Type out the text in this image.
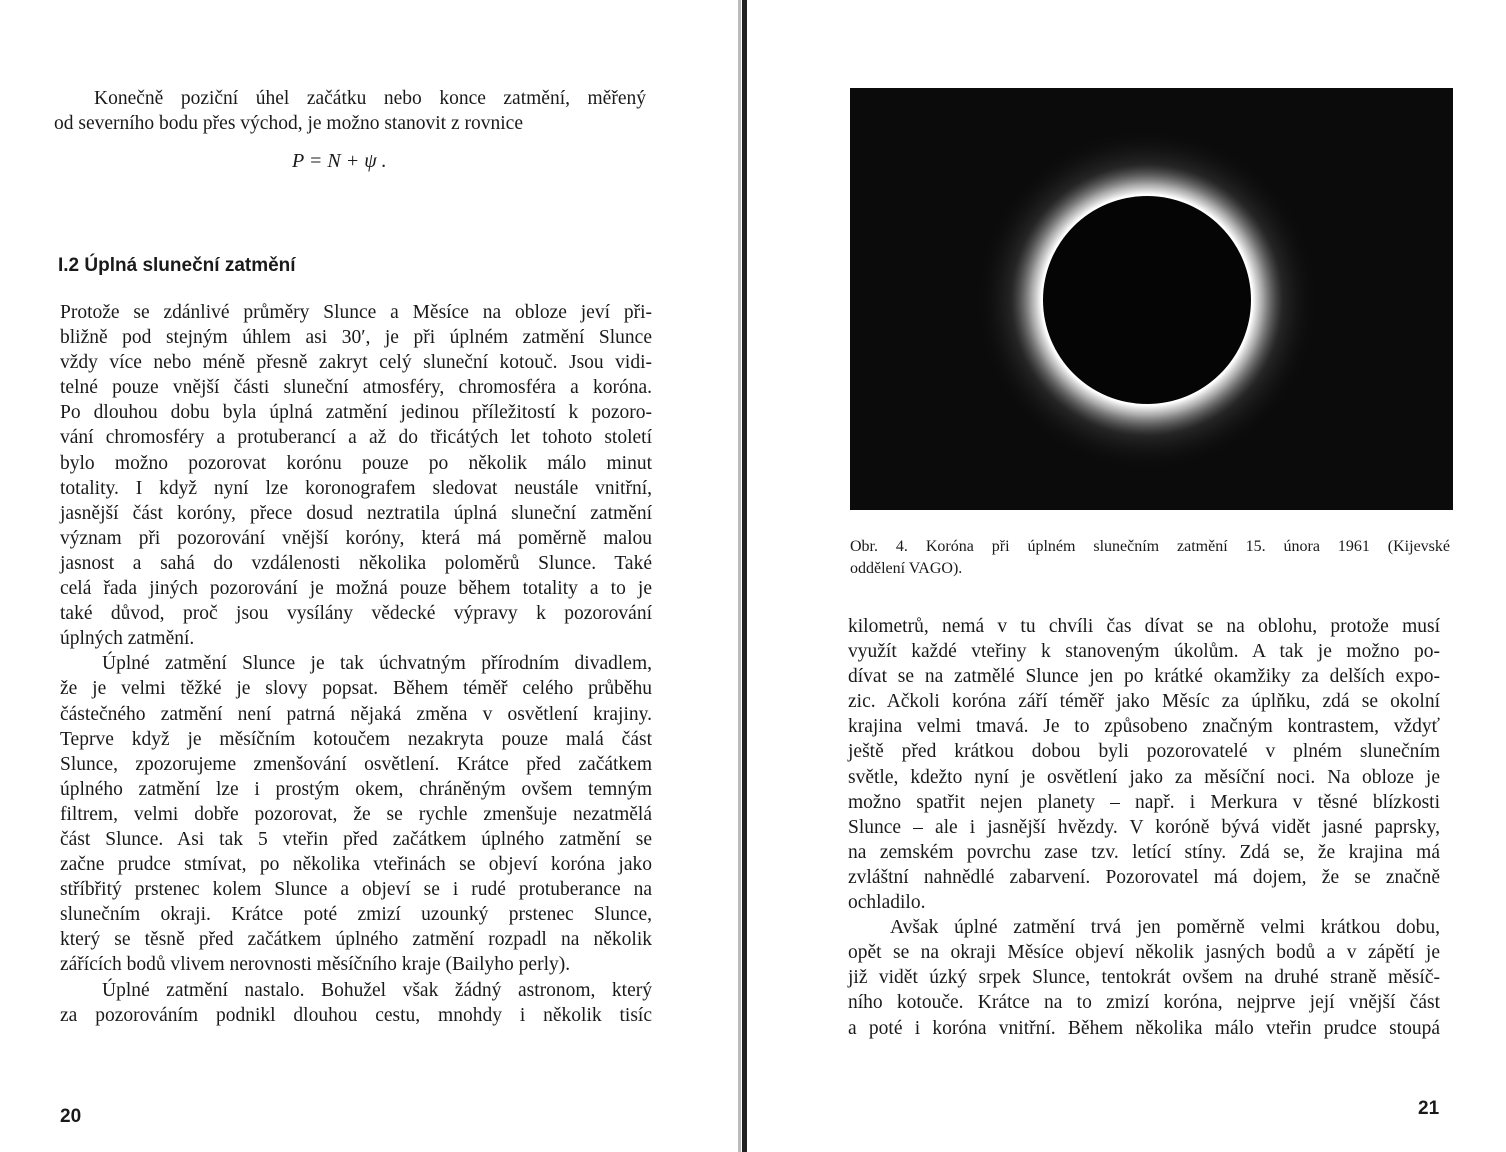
Konečně poziční úhel začátku nebo konce zatmění, měřený
od severního bodu přes východ, je možno stanovit z rovnice
P = N + ψ .
I.2 Úplná sluneční zatmění
Protože se zdánlivé průměry Slunce a Měsíce na obloze jeví při-
bližně pod stejným úhlem asi 30′, je při úplném zatmění Slunce
vždy více nebo méně přesně zakryt celý sluneční kotouč. Jsou vidi-
telné pouze vnější části sluneční atmosféry, chromosféra a koróna.
Po dlouhou dobu byla úplná zatmění jedinou příležitostí k pozoro-
vání chromosféry a protuberancí a až do třicátých let tohoto století
bylo možno pozorovat korónu pouze po několik málo minut
totality. I když nyní lze koronografem sledovat neustále vnitřní,
jasnější část koróny, přece dosud neztratila úplná sluneční zatmění
význam při pozorování vnější koróny, která má poměrně malou
jasnost a sahá do vzdálenosti několika poloměrů Slunce. Také
celá řada jiných pozorování je možná pouze během totality a to je
také důvod, proč jsou vysílány vědecké výpravy k pozorování
úplných zatmění.
Úplné zatmění Slunce je tak úchvatným přírodním divadlem,
že je velmi těžké je slovy popsat. Během téměř celého průběhu
částečného zatmění není patrná nějaká změna v osvětlení krajiny.
Teprve když je měsíčním kotoučem nezakryta pouze malá část
Slunce, zpozorujeme zmenšování osvětlení. Krátce před začátkem
úplného zatmění lze i prostým okem, chráněným ovšem temným
filtrem, velmi dobře pozorovat, že se rychle zmenšuje nezatmělá
část Slunce. Asi tak 5 vteřin před začátkem úplného zatmění se
začne prudce stmívat, po několika vteřinách se objeví koróna jako
stříbřitý prstenec kolem Slunce a objeví se i rudé protuberance na
slunečním okraji. Krátce poté zmizí uzounký prstenec Slunce,
který se těsně před začátkem úplného zatmění rozpadl na několik
zářících bodů vlivem nerovnosti měsíčního kraje (Bailyho perly).
Úplné zatmění nastalo. Bohužel však žádný astronom, který
za pozorováním podnikl dlouhou cestu, mnohdy i několik tisíc
20
Obr. 4. Koróna při úplném slunečním zatmění 15. února 1961 (Kijevské
oddělení VAGO).
kilometrů, nemá v tu chvíli čas dívat se na oblohu, protože musí
využít každé vteřiny k stanoveným úkolům. A tak je možno po-
dívat se na zatmělé Slunce jen po krátké okamžiky za delších expo-
zic. Ačkoli koróna září téměř jako Měsíc za úplňku, zdá se okolní
krajina velmi tmavá. Je to způsobeno značným kontrastem, vždyť
ještě před krátkou dobou byli pozorovatelé v plném slunečním
světle, kdežto nyní je osvětlení jako za měsíční noci. Na obloze je
možno spatřit nejen planety – např. i Merkura v těsné blízkosti
Slunce – ale i jasnější hvězdy. V koróně bývá vidět jasné paprsky,
na zemském povrchu zase tzv. letící stíny. Zdá se, že krajina má
zvláštní nahnědlé zabarvení. Pozorovatel má dojem, že se značně
ochladilo.
Avšak úplné zatmění trvá jen poměrně velmi krátkou dobu,
opět se na okraji Měsíce objeví několik jasných bodů a v zápětí je
již vidět úzký srpek Slunce, tentokrát ovšem na druhé straně měsíč-
ního kotouče. Krátce na to zmizí koróna, nejprve její vnější část
a poté i koróna vnitřní. Během několika málo vteřin prudce stoupá
21
